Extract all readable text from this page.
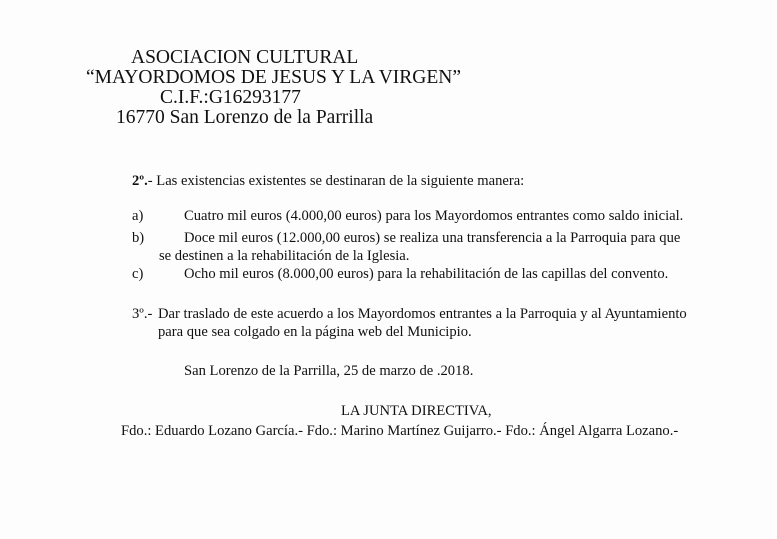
ASOCIACION CULTURAL
“MAYORDOMOS DE JESUS Y LA VIRGEN”
C.I.F.:G16293177
16770 San Lorenzo de la Parrilla
2º.- Las existencias existentes se destinaran de la siguiente manera:
a)	Cuatro mil euros (4.000,00 euros) para los Mayordomos entrantes como saldo inicial.
b)	Doce mil euros (12.000,00 euros) se realiza una transferencia a la Parroquia para que
se destinen a la rehabilitación de la Iglesia.
c)	Ocho mil euros (8.000,00 euros) para la rehabilitación de las capillas del convento.
3º.- Dar traslado de este acuerdo a los Mayordomos entrantes a la Parroquia y al Ayuntamiento
para que sea colgado en la página web del Municipio.
San Lorenzo de la Parrilla, 25 de marzo de .2018.
LA JUNTA DIRECTIVA,
Fdo.: Eduardo Lozano García.- Fdo.: Marino Martínez Guijarro.- Fdo.: Ángel Algarra Lozano.-
